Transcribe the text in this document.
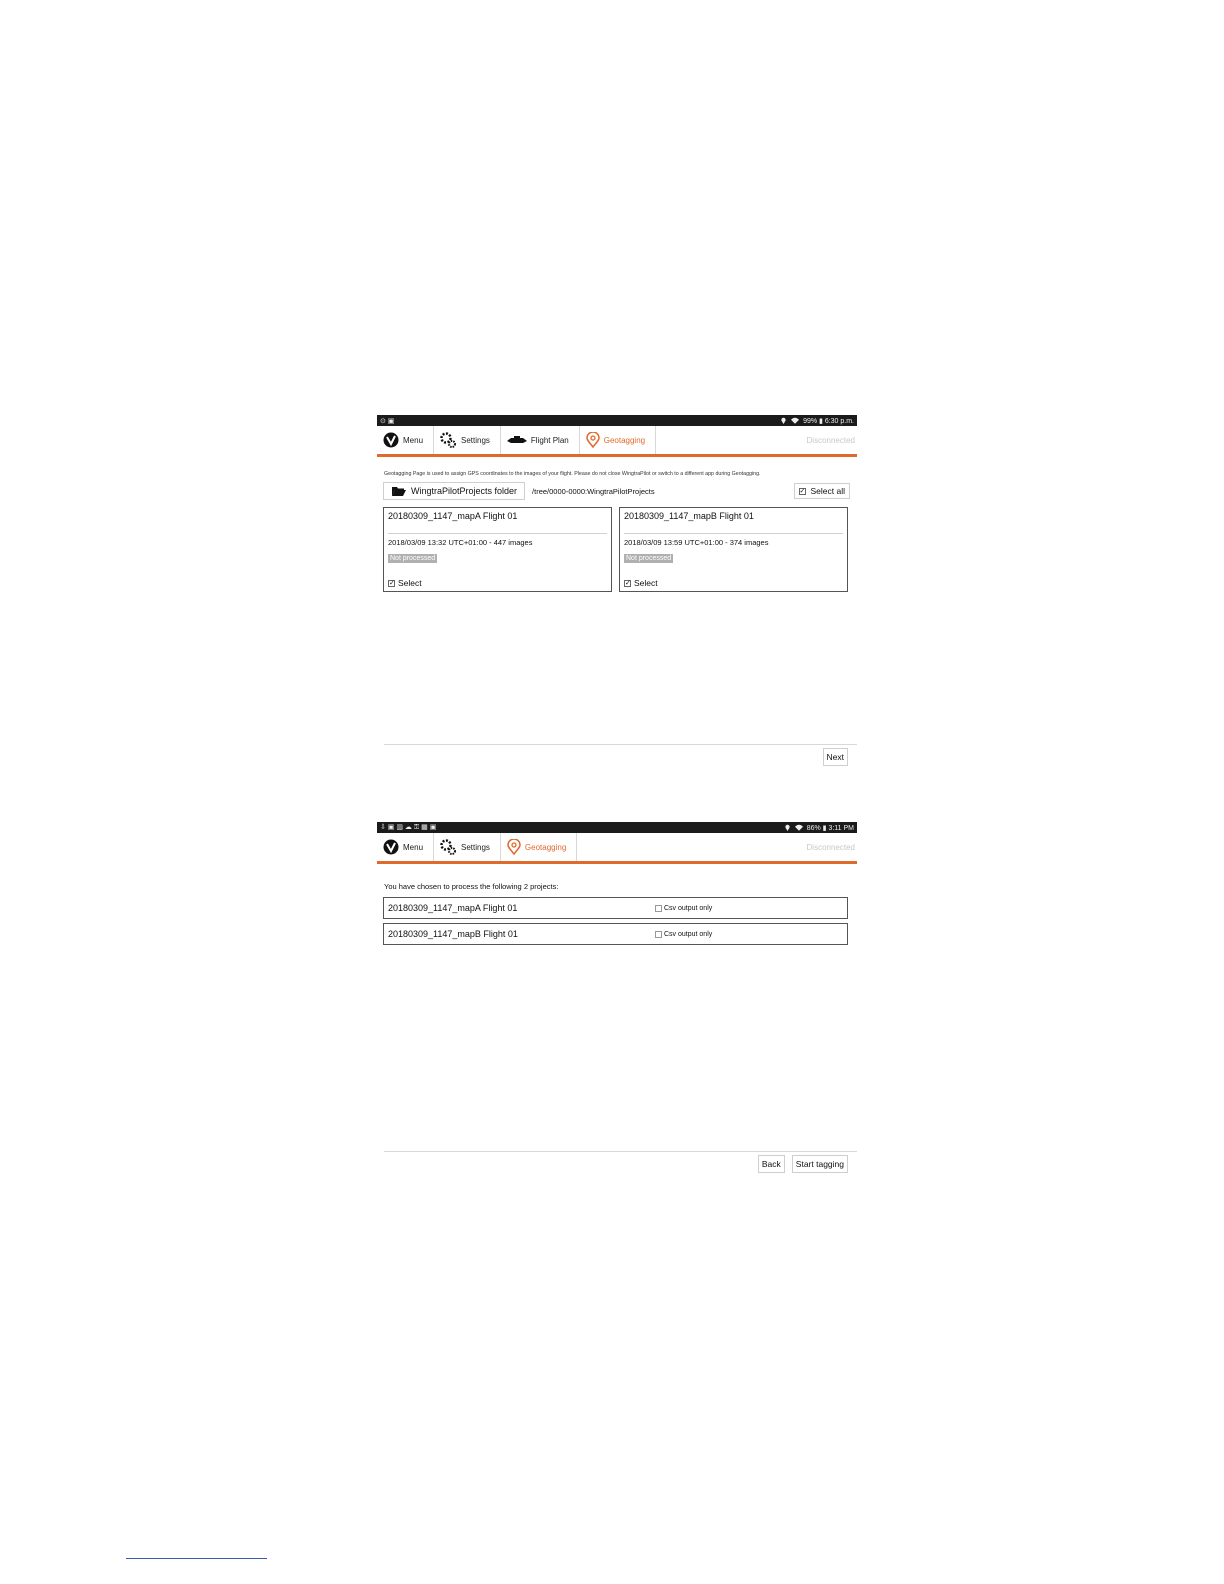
⊙ ▣	99% ▮ 6:30 p.m.
Menu	Settings	Flight Plan	Geotagging	Disconnected
Geotagging Page is used to assign GPS coordinates to the images of your flight. Please do not close WingtraPilot or switch to a different app during Geotagging.
WingtraPilotProjects folder /tree/0000-0000:WingtraPilotProjects	✓ Select all
20180309_1147_mapA Flight 01
2018/03/09 13:32 UTC+01:00 - 447 images
Not processed
✓ Select
20180309_1147_mapB Flight 01
2018/03/09 13:59 UTC+01:00 - 374 images
Not processed
✓ Select
Next
⇩ ▣ ▥ ☁ ⚿ ▦ ▣	86% ▮ 3:11 PM
Menu	Settings	Geotagging	Disconnected
You have chosen to process the following 2 projects:
20180309_1147_mapA Flight 01	Csv output only
20180309_1147_mapB Flight 01	Csv output only
Back	Start tagging
